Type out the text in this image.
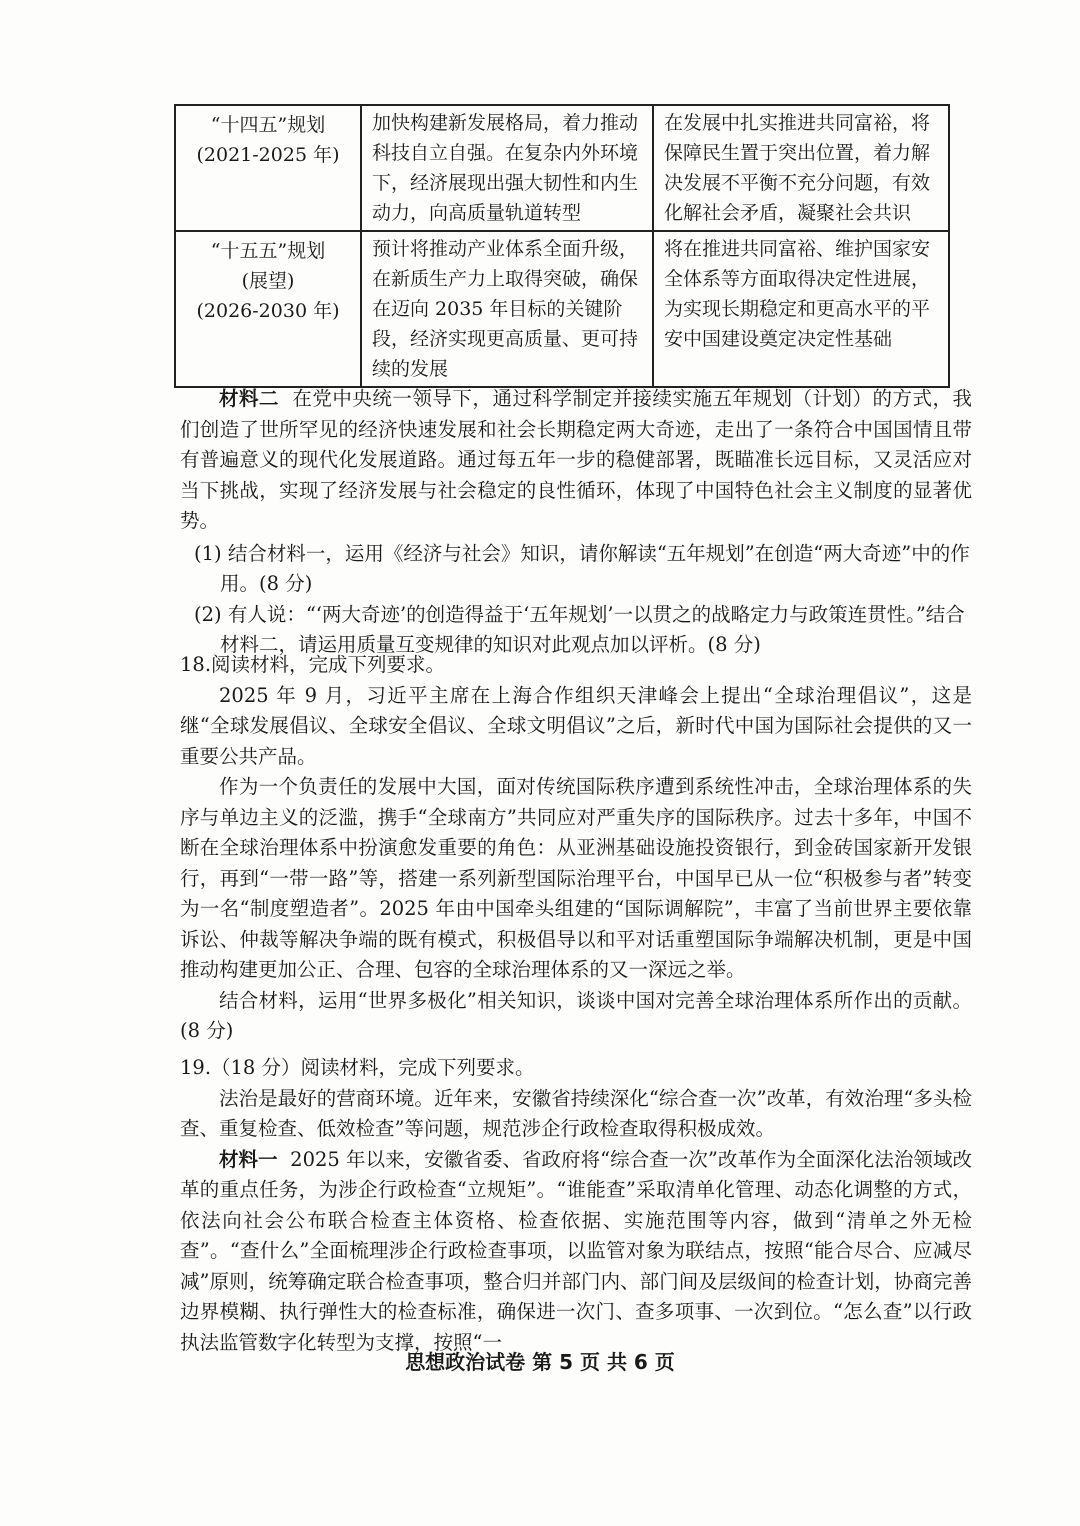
“十四五”规划
(2021-2025 年)	加快构建新发展格局，着力推动科技自立自强。在复杂内外环境下，经济展现出强大韧性和内生动力，向高质量轨道转型	在发展中扎实推进共同富裕，将保障民生置于突出位置，着力解决发展不平衡不充分问题，有效化解社会矛盾，凝聚社会共识

“十五五”规划
(展望)
(2026-2030 年)	预计将推动产业体系全面升级，在新质生产力上取得突破，确保在迈向 2035 年目标的关键阶段，经济实现更高质量、更可持续的发展	将在推进共同富裕、维护国家安全体系等方面取得决定性进展，为实现长期稳定和更高水平的平安中国建设奠定决定性基础

材料二 在党中央统一领导下，通过科学制定并接续实施五年规划（计划）的方式，我们创造了世所罕见的经济快速发展和社会长期稳定两大奇迹，走出了一条符合中国国情且带有普遍意义的现代化发展道路。通过每五年一步的稳健部署，既瞄准长远目标，又灵活应对当下挑战，实现了经济发展与社会稳定的良性循环，体现了中国特色社会主义制度的显著优势。

(1) 结合材料一，运用《经济与社会》知识，请你解读“五年规划”在创造“两大奇迹”中的作用。(8 分)

(2) 有人说：“‘两大奇迹’的创造得益于‘五年规划’一以贯之的战略定力与政策连贯性。”结合材料二，请运用质量互变规律的知识对此观点加以评析。(8 分)

18.阅读材料，完成下列要求。

2025 年 9 月，习近平主席在上海合作组织天津峰会上提出“全球治理倡议”，这是继“全球发展倡议、全球安全倡议、全球文明倡议”之后，新时代中国为国际社会提供的又一重要公共产品。

作为一个负责任的发展中大国，面对传统国际秩序遭到系统性冲击，全球治理体系的失序与单边主义的泛滥，携手“全球南方”共同应对严重失序的国际秩序。过去十多年，中国不断在全球治理体系中扮演愈发重要的角色：从亚洲基础设施投资银行，到金砖国家新开发银行，再到“一带一路”等，搭建一系列新型国际治理平台，中国早已从一位“积极参与者”转变为一名“制度塑造者”。2025 年由中国牵头组建的“国际调解院”，丰富了当前世界主要依靠诉讼、仲裁等解决争端的既有模式，积极倡导以和平对话重塑国际争端解决机制，更是中国推动构建更加公正、合理、包容的全球治理体系的又一深远之举。

结合材料，运用“世界多极化”相关知识，谈谈中国对完善全球治理体系所作出的贡献。(8 分)

19.（18 分）阅读材料，完成下列要求。

法治是最好的营商环境。近年来，安徽省持续深化“综合查一次”改革，有效治理“多头检查、重复检查、低效检查”等问题，规范涉企行政检查取得积极成效。

材料一 2025 年以来，安徽省委、省政府将“综合查一次”改革作为全面深化法治领域改革的重点任务，为涉企行政检查“立规矩”。“谁能查”采取清单化管理、动态化调整的方式，依法向社会公布联合检查主体资格、检查依据、实施范围等内容，做到“清单之外无检查”。“查什么”全面梳理涉企行政检查事项，以监管对象为联结点，按照“能合尽合、应减尽减”原则，统筹确定联合检查事项，整合归并部门内、部门间及层级间的检查计划，协商完善边界模糊、执行弹性大的检查标准，确保进一次门、查多项事、一次到位。“怎么查”以行政执法监管数字化转型为支撑，按照“一

思想政治试卷 第 5 页 共 6 页
